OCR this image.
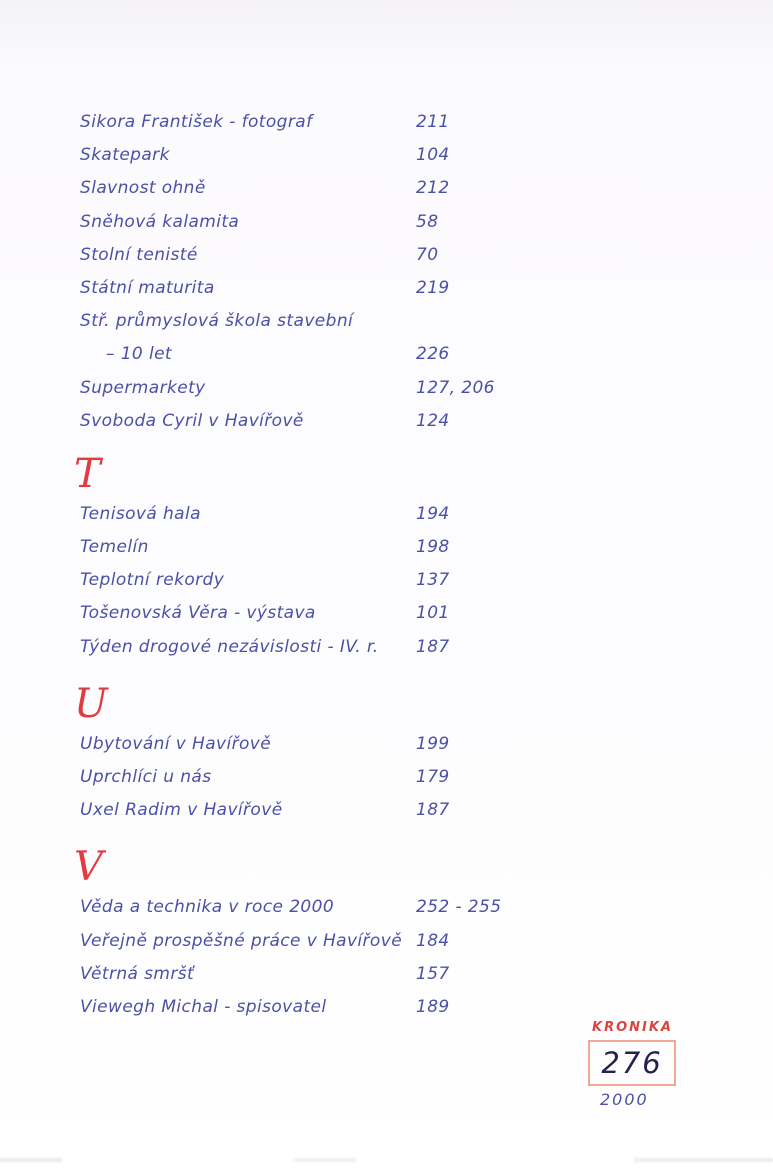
Sikora František - fotograf	211
Skatepark	104
Slavnost ohně	212
Sněhová kalamita	58
Stolní tenisté	70
Státní maturita	219
Stř. průmyslová škola stavební
– 10 let	226
Supermarkety	127, 206
Svoboda Cyril v Havířově	124
T
Tenisová hala	194
Temelín	198
Teplotní rekordy	137
Tošenovská Věra - výstava	101
Týden drogové nezávislosti - IV. r.	187
U
Ubytování v Havířově	199
Uprchlíci u nás	179
Uxel Radim v Havířově	187
V
Věda a technika v roce 2000	252 - 255
Veřejně prospěšné práce v Havířově 184
Větrná smršť	157
Viewegh Michal - spisovatel	189
KRONIKA
276
2000
